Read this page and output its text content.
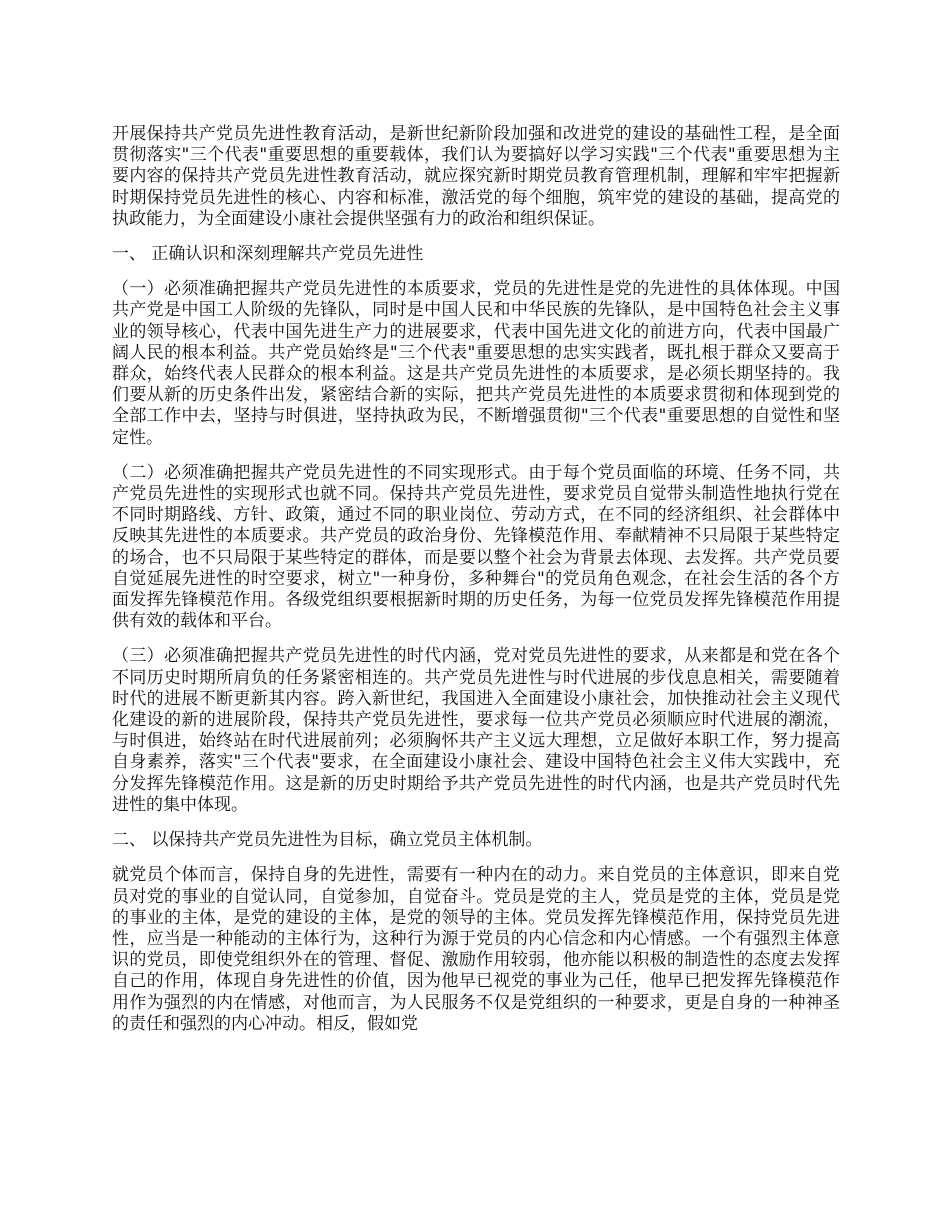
开展保持共产党员先进性教育活动，是新世纪新阶段加强和改进党的建设的基础性工程，是全面贯彻落实"三个代表"重要思想的重要载体，我们认为要搞好以学习实践"三个代表"重要思想为主要内容的保持共产党员先进性教育活动，就应探究新时期党员教育管理机制，理解和牢牢把握新时期保持党员先进性的核心、内容和标准，激活党的每个细胞，筑牢党的建设的基础，提高党的执政能力，为全面建设小康社会提供坚强有力的政治和组织保证。

一、 正确认识和深刻理解共产党员先进性

（一）必须准确把握共产党员先进性的本质要求，党员的先进性是党的先进性的具体体现。中国共产党是中国工人阶级的先锋队，同时是中国人民和中华民族的先锋队，是中国特色社会主义事业的领导核心，代表中国先进生产力的进展要求，代表中国先进文化的前进方向，代表中国最广阔人民的根本利益。共产党员始终是"三个代表"重要思想的忠实实践者，既扎根于群众又要高于群众，始终代表人民群众的根本利益。这是共产党员先进性的本质要求，是必须长期坚持的。我们要从新的历史条件出发，紧密结合新的实际，把共产党员先进性的本质要求贯彻和体现到党的全部工作中去，坚持与时俱进，坚持执政为民，不断增强贯彻"三个代表"重要思想的自觉性和坚定性。

（二）必须准确把握共产党员先进性的不同实现形式。由于每个党员面临的环境、任务不同，共产党员先进性的实现形式也就不同。保持共产党员先进性，要求党员自觉带头制造性地执行党在不同时期路线、方针、政策，通过不同的职业岗位、劳动方式，在不同的经济组织、社会群体中反映其先进性的本质要求。共产党员的政治身份、先锋模范作用、奉献精神不只局限于某些特定的场合，也不只局限于某些特定的群体，而是要以整个社会为背景去体现、去发挥。共产党员要自觉延展先进性的时空要求，树立"一种身份，多种舞台"的党员角色观念，在社会生活的各个方面发挥先锋模范作用。各级党组织要根据新时期的历史任务，为每一位党员发挥先锋模范作用提供有效的载体和平台。

（三）必须准确把握共产党员先进性的时代内涵，党对党员先进性的要求，从来都是和党在各个不同历史时期所肩负的任务紧密相连的。共产党员先进性与时代进展的步伐息息相关，需要随着时代的进展不断更新其内容。跨入新世纪，我国进入全面建设小康社会，加快推动社会主义现代化建设的新的进展阶段，保持共产党员先进性，要求每一位共产党员必须顺应时代进展的潮流，与时俱进，始终站在时代进展前列；必须胸怀共产主义远大理想，立足做好本职工作，努力提高自身素养，落实"三个代表"要求，在全面建设小康社会、建设中国特色社会主义伟大实践中，充分发挥先锋模范作用。这是新的历史时期给予共产党员先进性的时代内涵，也是共产党员时代先进性的集中体现。

二、 以保持共产党员先进性为目标，确立党员主体机制。

就党员个体而言，保持自身的先进性，需要有一种内在的动力。来自党员的主体意识，即来自党员对党的事业的自觉认同，自觉参加，自觉奋斗。党员是党的主人，党员是党的主体，党员是党的事业的主体，是党的建设的主体，是党的领导的主体。党员发挥先锋模范作用，保持党员先进性，应当是一种能动的主体行为，这种行为源于党员的内心信念和内心情感。一个有强烈主体意识的党员，即使党组织外在的管理、督促、激励作用较弱，他亦能以积极的制造性的态度去发挥自己的作用，体现自身先进性的价值，因为他早已视党的事业为己任，他早已把发挥先锋模范作用作为强烈的内在情感，对他而言，为人民服务不仅是党组织的一种要求，更是自身的一种神圣的责任和强烈的内心冲动。相反，假如党
